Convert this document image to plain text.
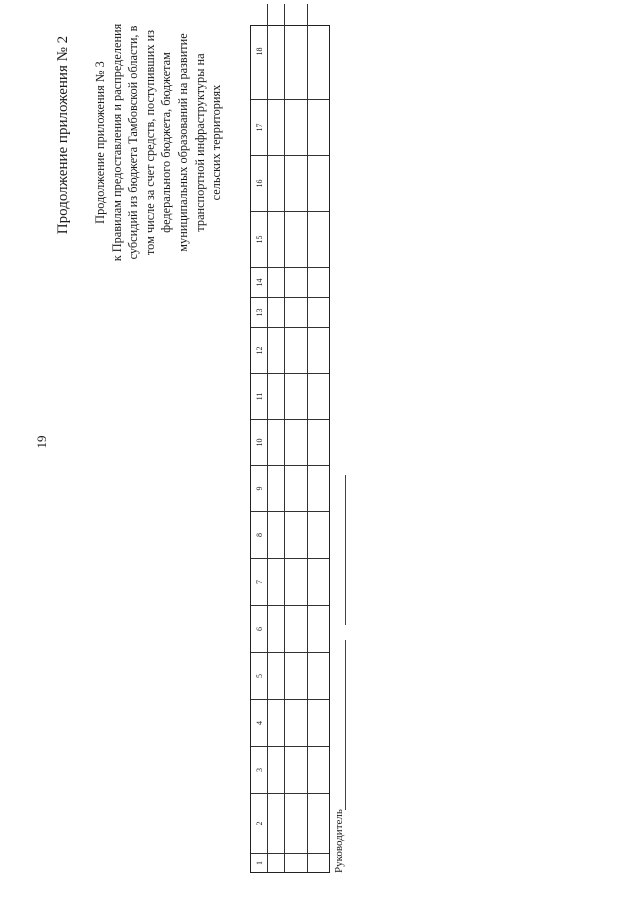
19
Продолжение приложения № 2 Продолжение приложения № 3 к Правилам предоставления и распределения субсидий из бюджета Тамбовской области, в том числе за счет средств, поступивших из федерального бюджета, бюджетам муниципальных образований на развитие транспортной инфраструктуры на сельских территориях
1
2
3
4
5
6
7
8
9
10
11
12
13
14
15
16
17
18
Руководитель
